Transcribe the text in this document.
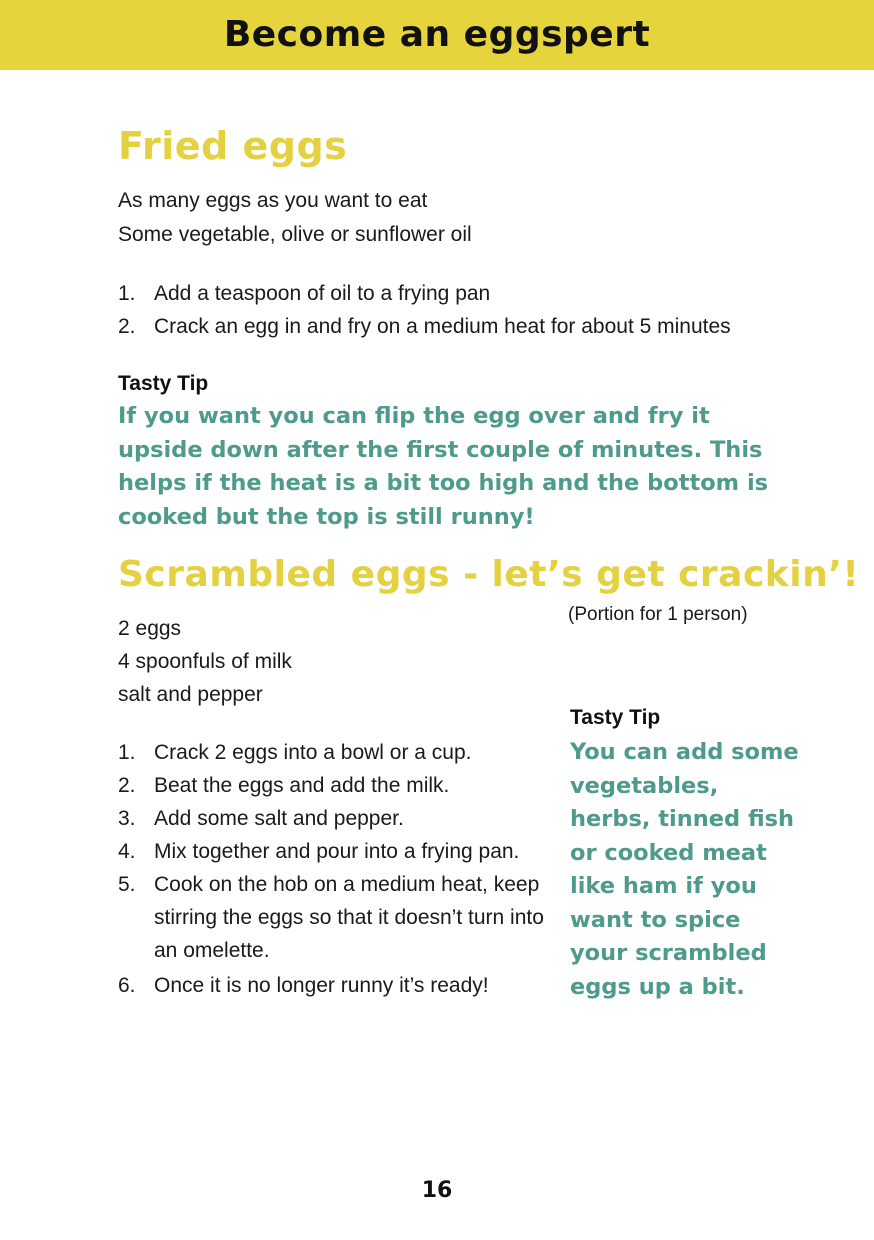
Become an eggspert
Fried eggs
As many eggs as you want to eat
Some vegetable, olive or sunflower oil
1. Add a teaspoon of oil to a frying pan
2. Crack an egg in and fry on a medium heat for about 5 minutes
Tasty Tip
If you want you can flip the egg over and fry it upside down after the first couple of minutes. This helps if the heat is a bit too high and the bottom is cooked but the top is still runny!
Scrambled eggs - let’s get crackin’!
(Portion for 1 person)
2 eggs
4 spoonfuls of milk
salt and pepper
1. Crack 2 eggs into a bowl or a cup.
2. Beat the eggs and add the milk.
3. Add some salt and pepper.
4. Mix together and pour into a frying pan.
5. Cook on the hob on a medium heat, keep stirring the eggs so that it doesn’t turn into an omelette.
6. Once it is no longer runny it’s ready!
Tasty Tip
You can add some vegetables, herbs, tinned fish or cooked meat like ham if you want to spice your scrambled eggs up a bit.
16
